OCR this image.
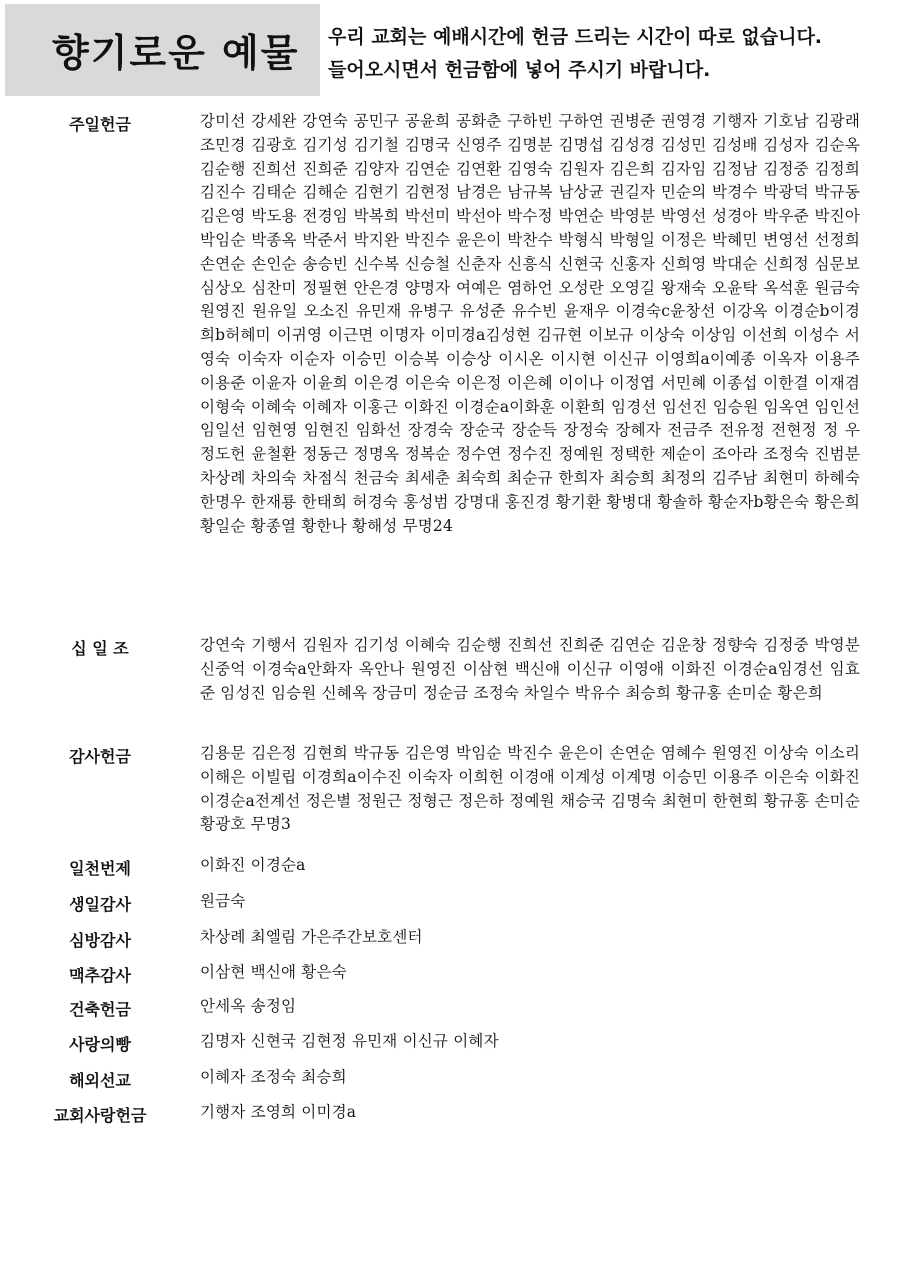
향기로운 예물 우리 교회는 예배시간에 헌금 드리는 시간이 따로 없습니다.
들어오시면서 헌금함에 넣어 주시기 바랍니다.
주일헌금	강미선 강세완 강연숙 공민구 공윤희 공화춘 구하빈 구하연 권병준 권영경 기행자 기호남 김광래 조민경 김광호 김기성 김기철 김명국 신영주 김명분 김명섭 김성경 김성민 김성배 김성자 김순옥 김순행 진희선 진희준 김양자 김연순 김연환 김영숙 김원자 김은희 김자임 김정남 김정중 김정희 김진수 김태순 김해순 김현기 김현정 남경은 남규복 남상균 권길자 민순의 박경수 박광덕 박규동 김은영 박도용 전경임 박복희 박선미 박선아 박수정 박연순 박영분 박영선 성경아 박우준 박진아 박임순 박종옥 박준서 박지완 박진수 윤은이 박찬수 박형식 박형일 이정은 박혜민 변영선 선정희 손연순 손인순 송승빈 신수복 신승철 신춘자 신흥식 신현국 신홍자 신희영 박대순 신희정 심문보 심상오 심찬미 정필현 안은경 양명자 여예은 염하언 오성란 오영길 왕재숙 오윤탁 옥석훈 원금숙 원영진 원유일 오소진 유민재 유병구 유성준 유수빈 윤재우 이경숙c윤창선 이강옥 이경순b이경희b허혜미 이귀영 이근면 이명자 이미경a김성현 김규현 이보규 이상숙 이상임 이선희 이성수 서영숙 이숙자 이순자 이승민 이승복 이승상 이시온 이시현 이신규 이영희a이예종 이옥자 이용주 이용준 이윤자 이윤희 이은경 이은숙 이은정 이은혜 이이나 이정엽 서민혜 이종섭 이한결 이재겸 이형숙 이혜숙 이혜자 이홍근 이화진 이경순a이화훈 이환희 임경선 임선진 임승원 임옥연 임인선 임일선 임현영 임현진 임화선 장경숙 장순국 장순득 장정숙 장혜자 전금주 전유정 전현정 정 우 정도헌 윤철환 정동근 정명옥 정복순 정수연 정수진 정예원 정택한 제순이 조아라 조정숙 진범분 차상례 차의숙 차점식 천금숙 최세춘 최숙희 최순규 한희자 최승희 최정의 김주남 최현미 하혜숙 한명우 한재룡 한태희 허경숙 홍성범 강명대 홍진경 황기환 황병대 황솔하 황순자b황은숙 황은희 황일순 황종열 황한나 황해성 무명24
십 일 조	강연숙 기행서 김원자 김기성 이혜숙 김순행 진희선 진희준 김연순 김운창 정향숙 김정중 박영분 신중억 이경숙a안화자 옥안나 원영진 이삼현 백신애 이신규 이영애 이화진 이경순a임경선 임효준 임성진 임승원 신혜옥 장금미 정순금 조정숙 차일수 박유수 최승희 황규홍 손미순 황은희
감사헌금	김용문 김은정 김현희 박규동 김은영 박임순 박진수 윤은이 손연순 염혜수 원영진 이상숙 이소리 이해은 이빌립 이경희a이수진 이숙자 이희헌 이경애 이계성 이계명 이승민 이용주 이은숙 이화진 이경순a전계선 정은별 정원근 정형근 정은하 정예원 채승국 김명숙 최현미 한현희 황규홍 손미순 황광호 무명3
일천번제	이화진 이경순a
생일감사	원금숙
심방감사	차상례 최엘림 가은주간보호센터
맥추감사	이삼현 백신애 황은숙
건축헌금	안세옥 송정임
사랑의빵	김명자 신현국 김현정 유민재 이신규 이혜자
해외선교	이혜자 조정숙 최승희
교회사랑헌금	기행자 조영희 이미경a
